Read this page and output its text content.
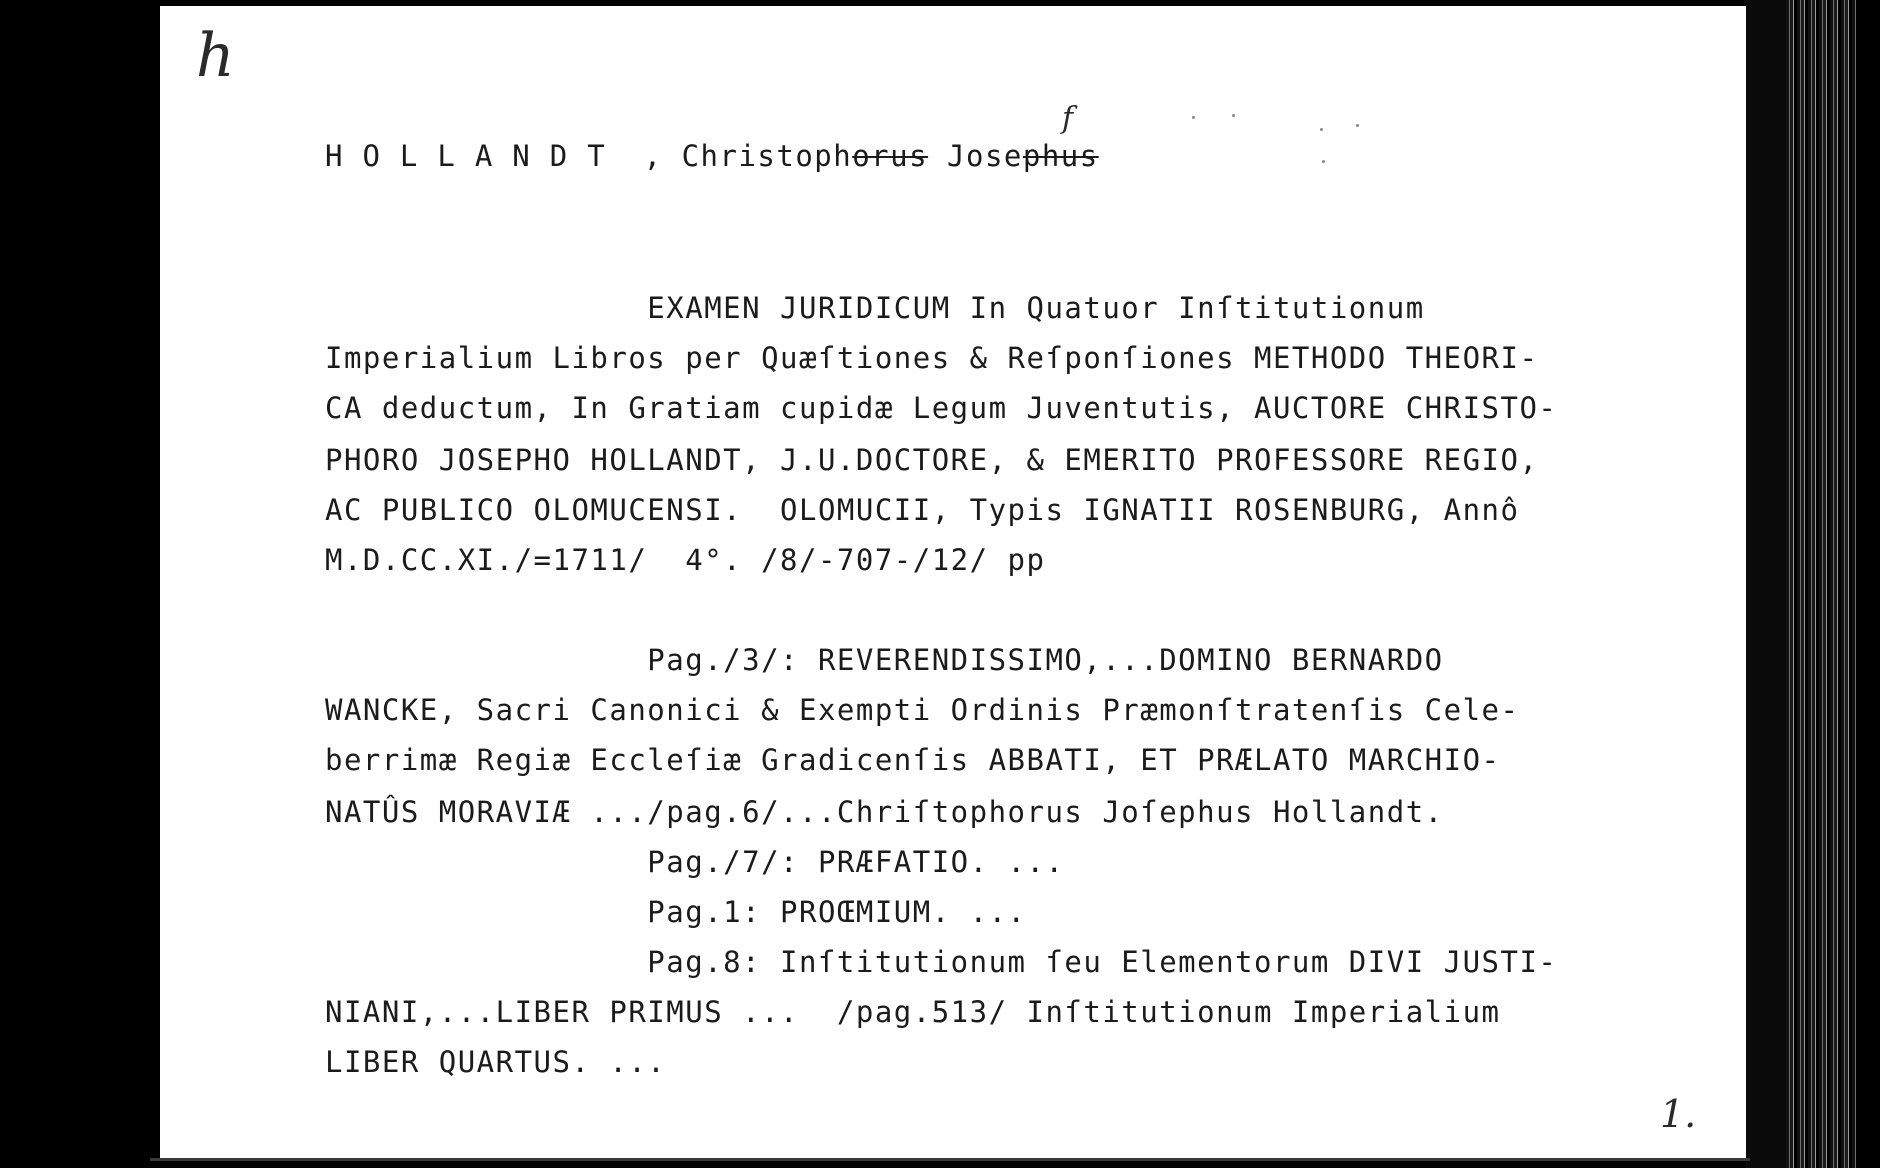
h
f

HOLLANDT , Christophorus Josephus

EXAMEN JURIDICUM In Quatuor Inſtitutionum

Imperialium Libros per Quæſtiones & Reſponſiones METHODO THEORI-

CA deductum, In Gratiam cupidæ Legum Juventutis, AUCTORE CHRISTO-

PHORO JOSEPHO HOLLANDT, J.U.DOCTORE, & EMERITO PROFESSORE REGIO,

AC PUBLICO OLOMUCENSI.  OLOMUCII, Typis IGNATII ROSENBURG, Annô

M.D.CC.XI./=1711/  4°. /8/-707-/12/ pp

Pag./3/: REVERENDISSIMO,...DOMINO BERNARDO

WANCKE, Sacri Canonici & Exempti Ordinis Præmonſtratenſis Cele-

berrimæ Regiæ Eccleſiæ Gradicenſis ABBATI, ET PRÆLATO MARCHIO-

NATÛS MORAVIÆ .../pag.6/...Chriſtophorus Joſephus Hollandt.

Pag./7/: PRÆFATIO. ...

Pag.1: PROŒMIUM. ...

Pag.8: Inſtitutionum ſeu Elementorum DIVI JUSTI-

NIANI,...LIBER PRIMUS ...  /pag.513/ Inſtitutionum Imperialium

LIBER QUARTUS. ...

1.
